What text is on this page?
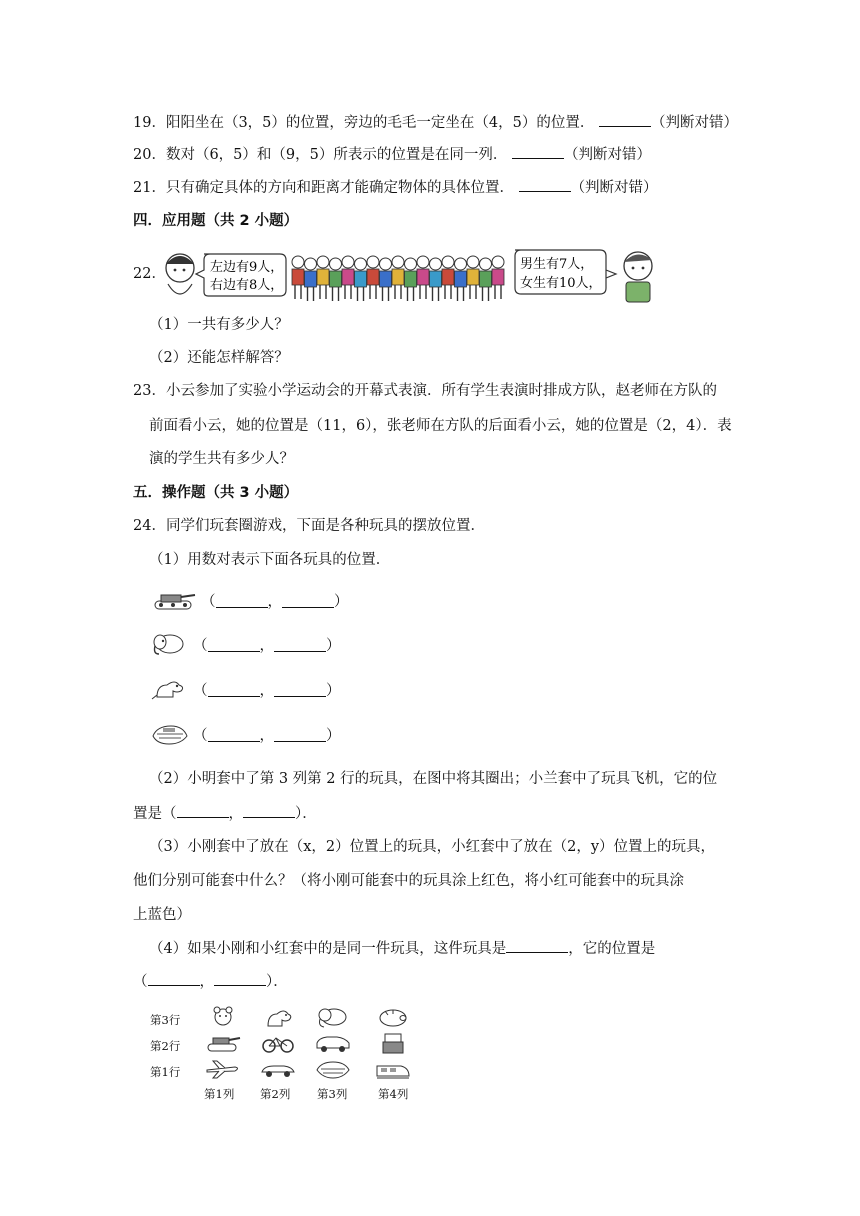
19．阳阳坐在（3，5）的位置，旁边的毛毛一定坐在（4，5）的位置．	（判断对错）
20．数对（6，5）和（9，5）所表示的位置是在同一列．	（判断对错）
21．只有确定具体的方向和距离才能确定物体的具体位置．	（判断对错）
四．应用题（共 2 小题）
22．	左边有9人，
右边有8人，
男生有7人，
女生有10人，
（1）一共有多少人？
（2）还能怎样解答？
23．小云参加了实验小学运动会的开幕式表演．所有学生表演时排成方队，赵老师在方队的
前面看小云，她的位置是（11，6），张老师在方队的后面看小云，她的位置是（2，4）．表
演的学生共有多少人？
五．操作题（共 3 小题）
24．同学们玩套圈游戏，下面是各种玩具的摆放位置．
（1）用数对表示下面各玩具的位置．
（	，	）
（	，	）
（	，	）
（	，	）
（2）小明套中了第 3 列第 2 行的玩具，在图中将其圈出；小兰套中了玩具飞机，它的位
置是（	，	）．
（3）小刚套中了放在（x，2）位置上的玩具，小红套中了放在（2，y）位置上的玩具，
他们分别可能套中什么？（将小刚可能套中的玩具涂上红色，将小红可能套中的玩具涂
上蓝色）
（4）如果小刚和小红套中的是同一件玩具，这件玩具是	，它的位置是
（	，	）．
第3行
第2行
第1行
第1列 第2列 第3列	第4列
